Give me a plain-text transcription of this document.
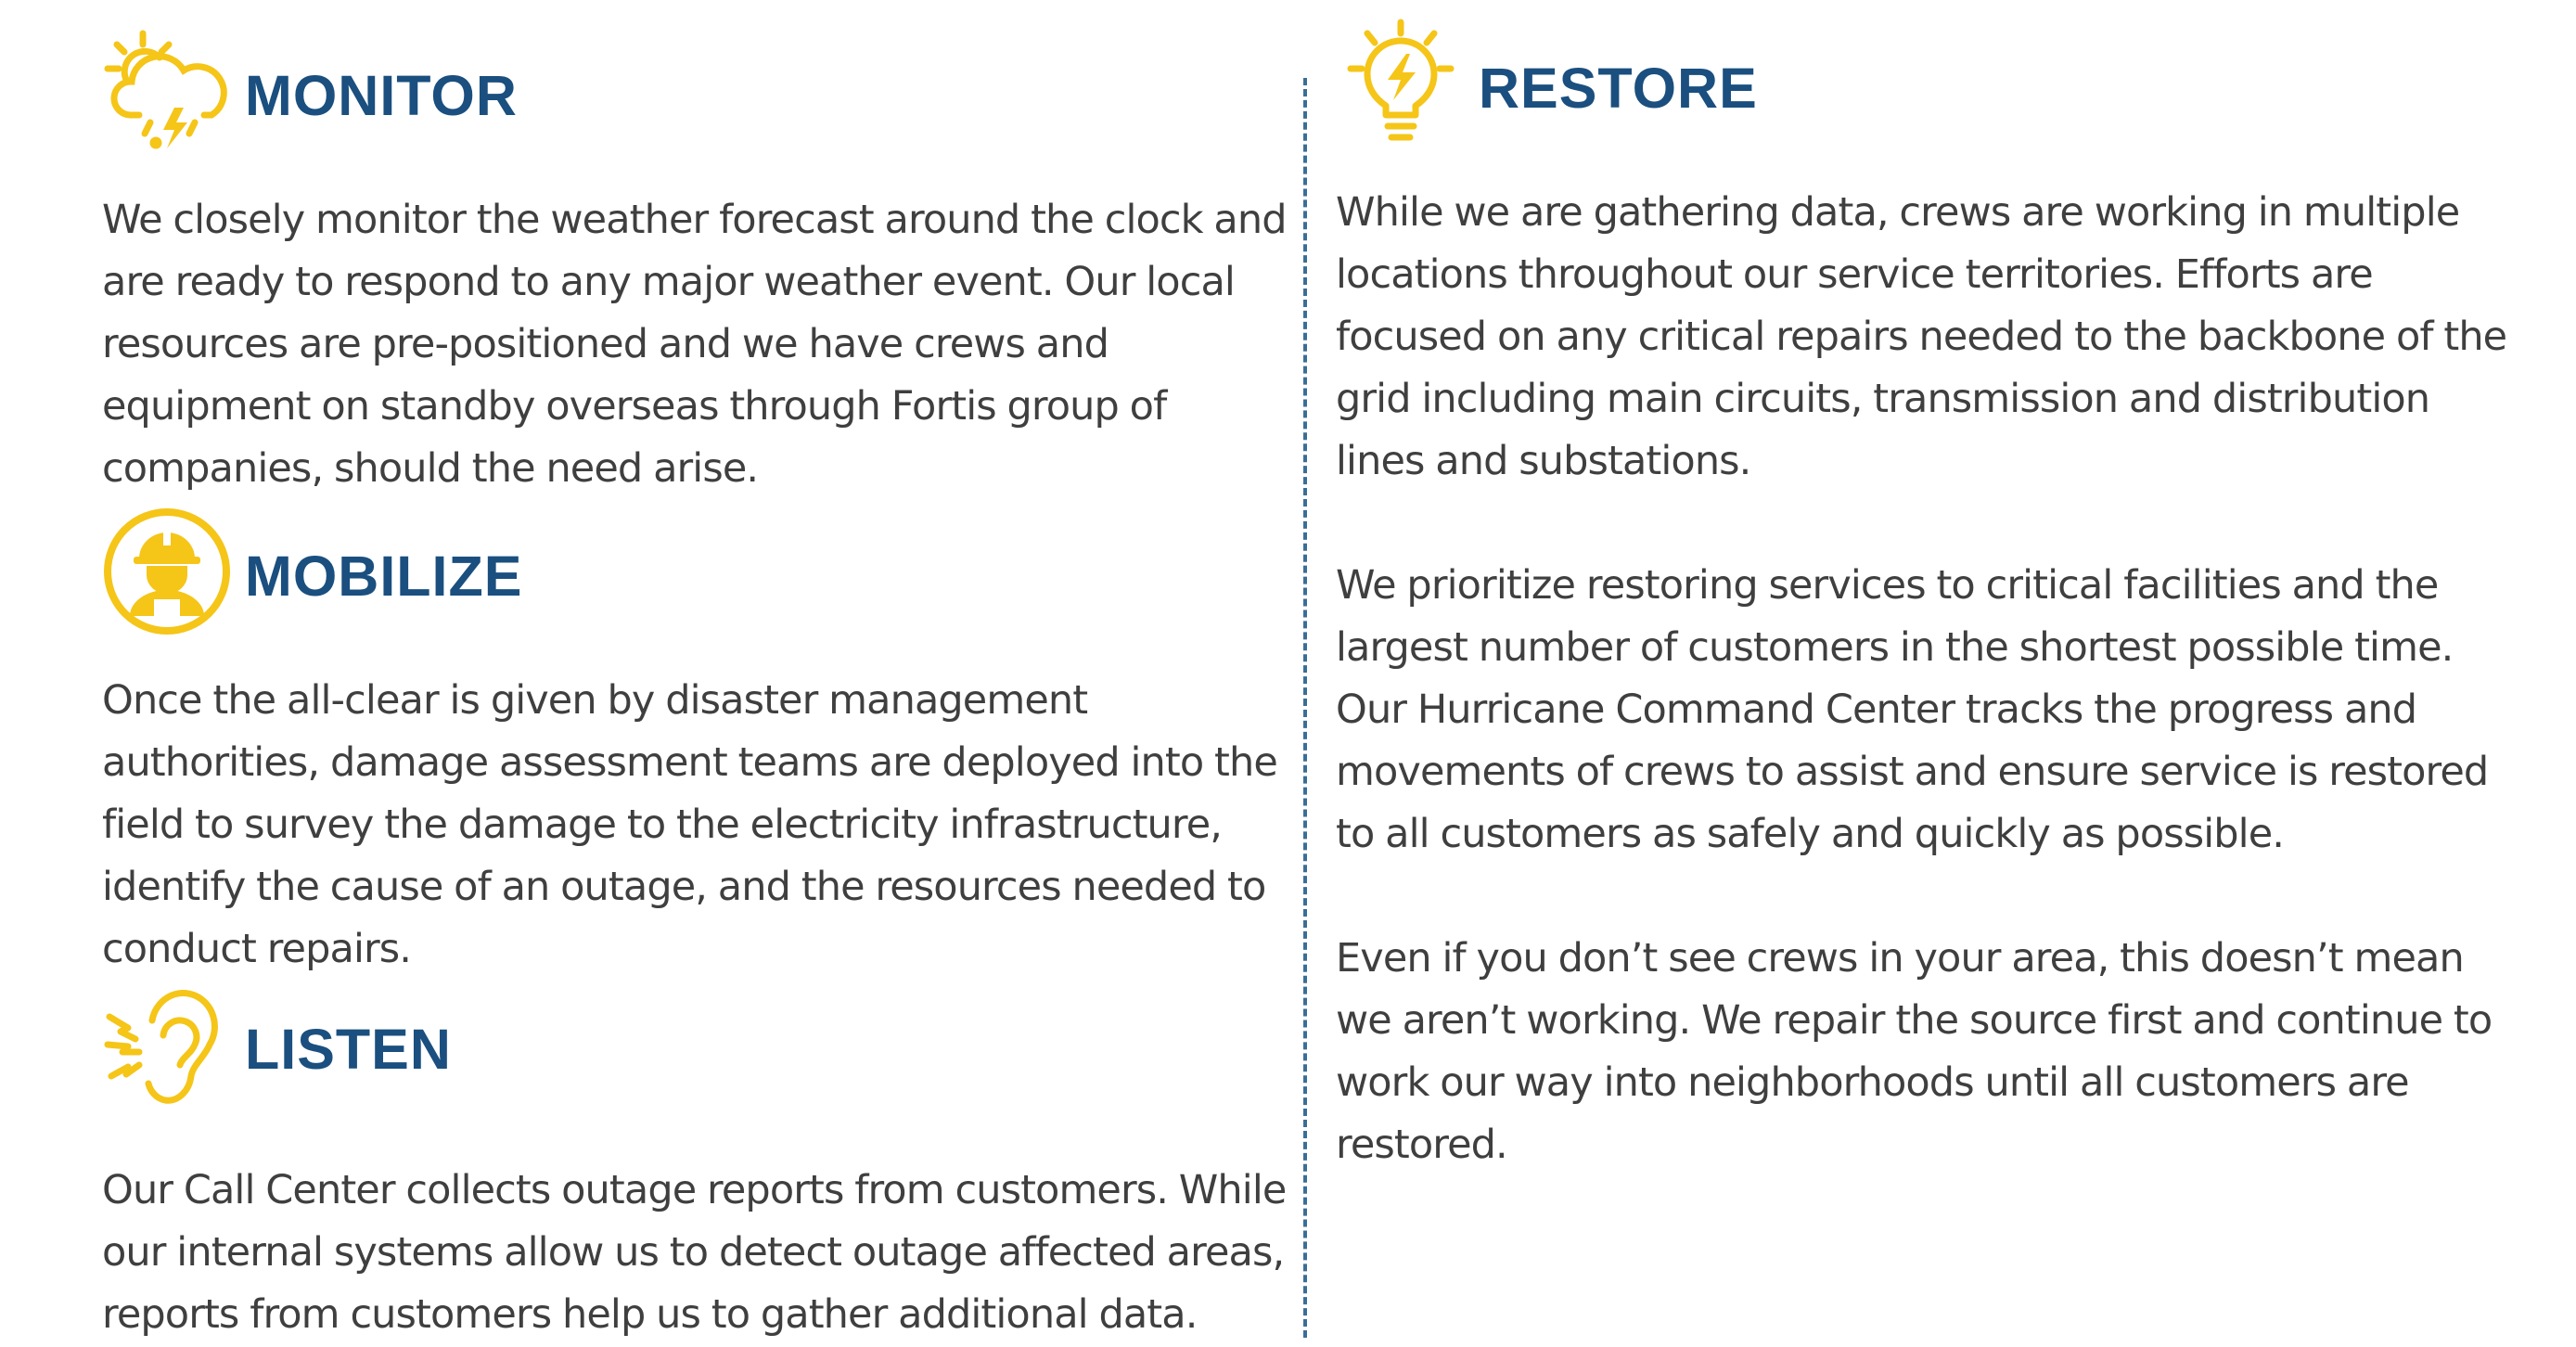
MONITOR

We closely monitor the weather forecast around the clock and are ready to respond to any major weather event. Our local resources are pre-positioned and we have crews and equipment on standby overseas through Fortis group of companies, should the need arise.

MOBILIZE

Once the all-clear is given by disaster management authorities, damage assessment teams are deployed into the field to survey the damage to the electricity infrastructure, identify the cause of an outage, and the resources needed to conduct repairs.

LISTEN

Our Call Center collects outage reports from customers. While our internal systems allow us to detect outage affected areas, reports from customers help us to gather additional data.

RESTORE

While we are gathering data, crews are working in multiple locations throughout our service territories. Efforts are focused on any critical repairs needed to the backbone of the grid including main circuits, transmission and distribution lines and substations.

We prioritize restoring services to critical facilities and the largest number of customers in the shortest possible time. Our Hurricane Command Center tracks the progress and movements of crews to assist and ensure service is restored to all customers as safely and quickly as possible.

Even if you don’t see crews in your area, this doesn’t mean we aren’t working. We repair the source first and continue to work our way into neighborhoods until all customers are restored.
